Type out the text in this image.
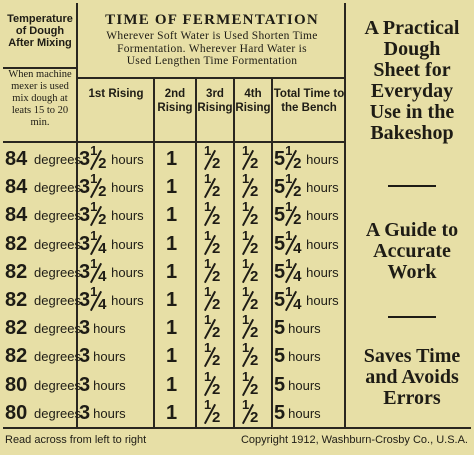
Temperature of Dough After Mixing
When machine mexer is used mix dough at leats 15 to 20 min.
TIME OF FERMENTATION
Wherever Soft Water is Used Shorten Time
Formentation. Wherever Hard Water is
Used Lengthen Time Formentation
1st Rising	2nd Rising
3rd Rising
4th Rising
Total Time to the Bench
84 degrees
3 1
2 hours 1 1
2
1
2 5 1
2 hours
84 degrees
3 1
2 hours 1 1
2
1
2 5 1
2 hours
84 degrees
3 1
2 hours 1 1
2
1
2 5 1
2 hours
82 degrees
3 1
4 hours 1 1
2
1
2 5 1
4 hours
82 degrees
3 1
4 hours 1 1
2
1
2 5 1
4 hours
82 degrees
3 1
4 hours 1 1
2
1
2 5 1
4 hours
82 degrees
3 hours 1 1
2
1
2 5 hours
82 degrees
3 hours 1 1
2
1
2 5 hours
80 degrees
3 hours 1 1
2
1
2 5 hours
80 degrees
3 hours 1 1
2
1
2 5 hours
Read across from left to right	Copyright 1912, Washburn-Crosby Co., U.S.A.
A Practical
Dough
Sheet for
Everyday
Use in the
Bakeshop
A Guide to
Accurate
Work
Saves Time
and Avoids
Errors
